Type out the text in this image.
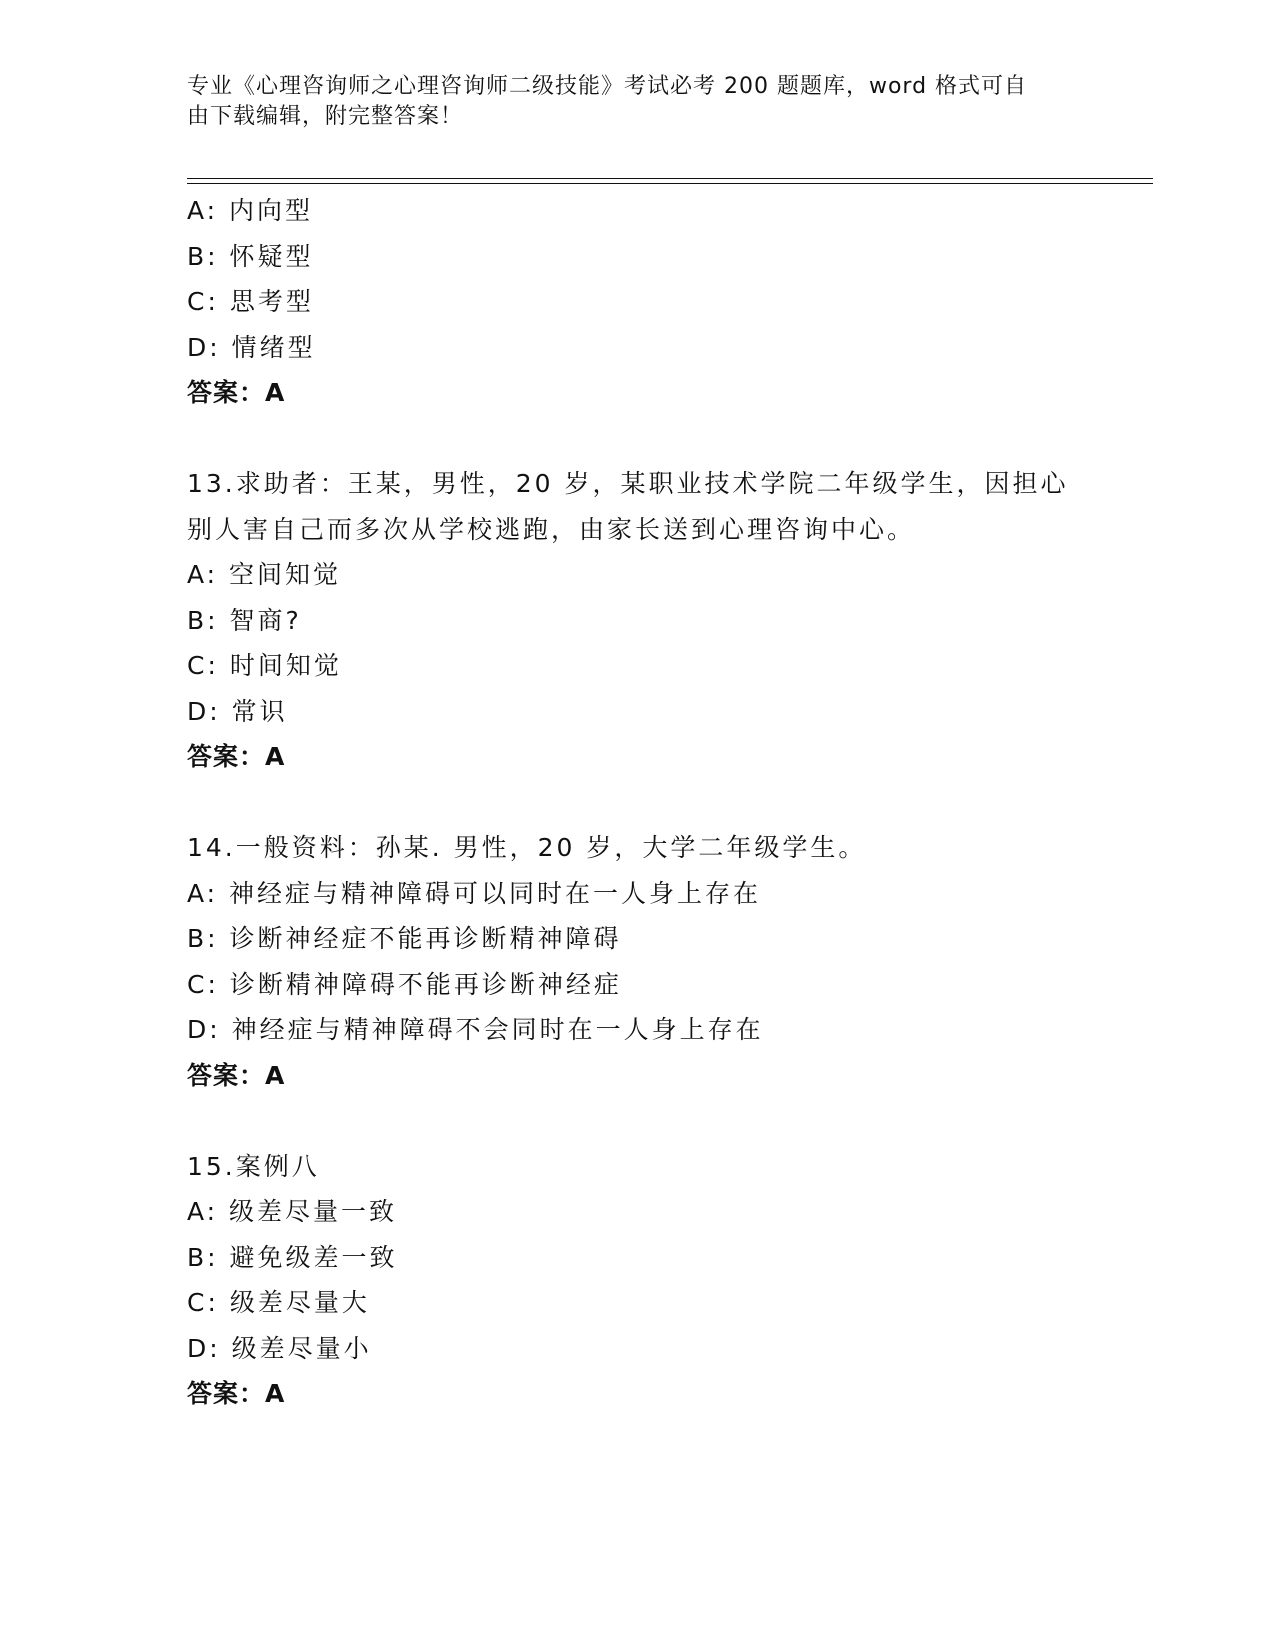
专业《心理咨询师之心理咨询师二级技能》考试必考 200 题题库，word 格式可自
由下载编辑，附完整答案！
A: 内向型
B: 怀疑型
C: 思考型
D: 情绪型
答案：A
13.求助者：王某，男性，20 岁，某职业技术学院二年级学生，因担心
别人害自己而多次从学校逃跑，由家长送到心理咨询中心。
A: 空间知觉
B: 智商?
C: 时间知觉
D: 常识
答案：A
14.一般资料：孙某. 男性，20 岁，大学二年级学生。
A: 神经症与精神障碍可以同时在一人身上存在
B: 诊断神经症不能再诊断精神障碍
C: 诊断精神障碍不能再诊断神经症
D: 神经症与精神障碍不会同时在一人身上存在
答案：A
15.案例八
A: 级差尽量一致
B: 避免级差一致
C: 级差尽量大
D: 级差尽量小
答案：A
